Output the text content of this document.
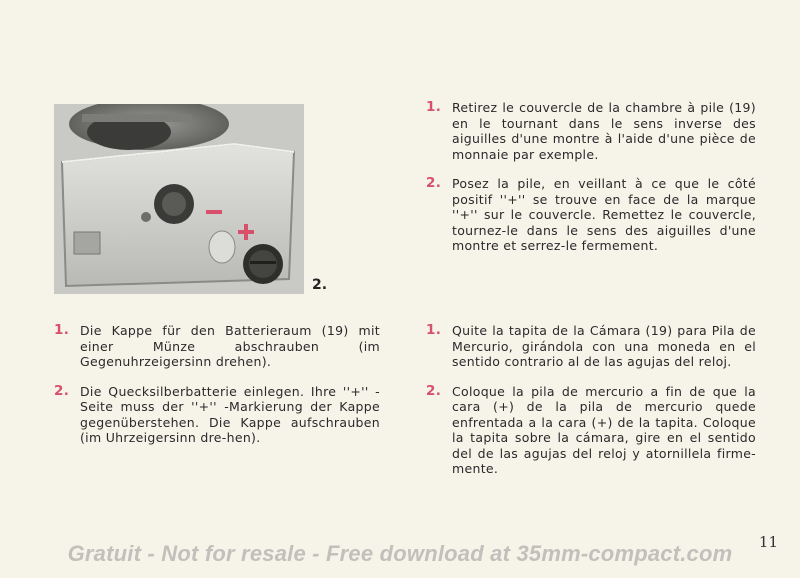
2.
1. Die Kappe für den Batterieraum (19) mit einer Münze abschrauben (im Gegenuhrzeigersinn drehen).
2. Die Quecksilberbatterie einlegen. Ihre ''+'' -Seite muss der ''+'' -Markierung der Kappe gegenüberstehen. Die Kappe aufschrauben (im Uhrzeigersinn dre-hen).
1. Retirez le couvercle de la chambre à pile (19) en le tournant dans le sens inverse des aiguilles d'une montre à l'aide d'une pièce de monnaie par exemple.
2. Posez la pile, en veillant à ce que le côté positif ''+'' se trouve en face de la marque ''+'' sur le couvercle. Remettez le couvercle, tournez-le dans le sens des aiguilles d'une montre et serrez-le fermement.
1. Quite la tapita de la Cámara (19) para Pila de Mercurio, girándola con una moneda en el sentido contrario al de las agujas del reloj.
2. Coloque la pila de mercurio a fin de que la cara (+) de la pila de mercurio quede enfrentada a la cara (+) de la tapita. Coloque la tapita sobre la cámara, gire en el sentido del de las agujas del reloj y atornillela firme-mente.
11
Gratuit - Not for resale - Free download at 35mm-compact.com
